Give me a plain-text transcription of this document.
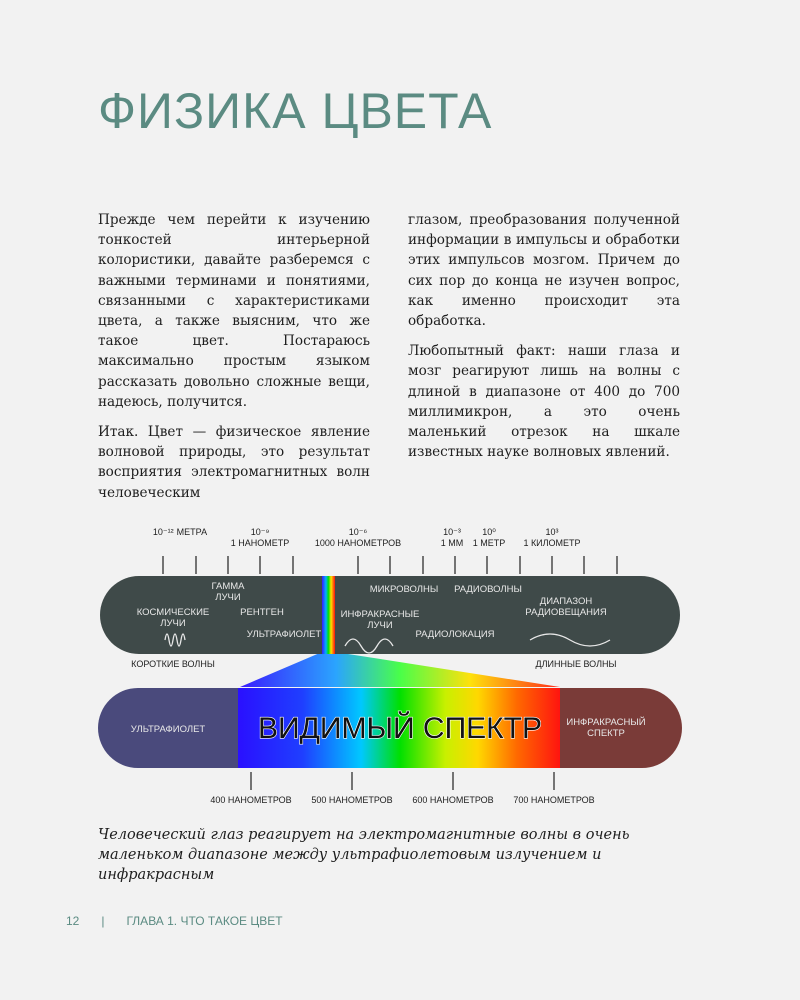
ФИЗИКА ЦВЕТА

Прежде чем перейти к изучению тонкостей интерьерной колористики, давайте разберемся с важными терминами и понятиями, связанными с характеристиками цвета, а также выясним, что же такое цвет. Постараюсь максимально простым языком рассказать довольно сложные вещи, надеюсь, получится.

Итак. Цвет — физическое явление волновой природы, это результат восприятия электромагнитных волн человеческим

глазом, преобразования полученной информации в импульсы и обработки этих импульсов мозгом. Причем до сих пор до конца не изучен вопрос, как именно происходит эта обработка.

Любопытный факт: наши глаза и мозг реагируют лишь на волны с длиной в диапазоне от 400 до 700 миллимикрон, а это очень маленький отрезок на шкале известных науке волновых явлений.

10⁻¹² МЕТРА	10⁻⁹
1 НАНОМЕТР
10⁻⁶
1000 НАНОМЕТРОВ
10⁻³
1 ММ
10⁰
1 МЕТР
10³
1 КИЛОМЕТР
ГАММА
ЛУЧИ
КОСМИЧЕСКИЕ
ЛУЧИ
РЕНТГЕН
УЛЬТРАФИОЛЕТ
МИКРОВОЛНЫ РАДИОВОЛНЫ
ИНФРАКРАСНЫЕ
ЛУЧИ
РАДИОЛОКАЦИЯ
ДИАПАЗОН
РАДИОВЕЩАНИЯ
КОРОТКИЕ ВОЛНЫ	ДЛИННЫЕ ВОЛНЫ
УЛЬТРАФИОЛЕТ ВИДИМЫЙ СПЕКТР	ИНФРАКРАСНЫЙ
СПЕКТР
400 НАНОМЕТРОВ 500 НАНОМЕТРОВ 600 НАНОМЕТРОВ 700 НАНОМЕТРОВ
Человеческий глаз реагирует на электромагнитные волны в очень маленьком диапазоне между ультрафиолетовым излучением и инфракрасным
12 | ГЛАВА 1. ЧТО ТАКОЕ ЦВЕТ
